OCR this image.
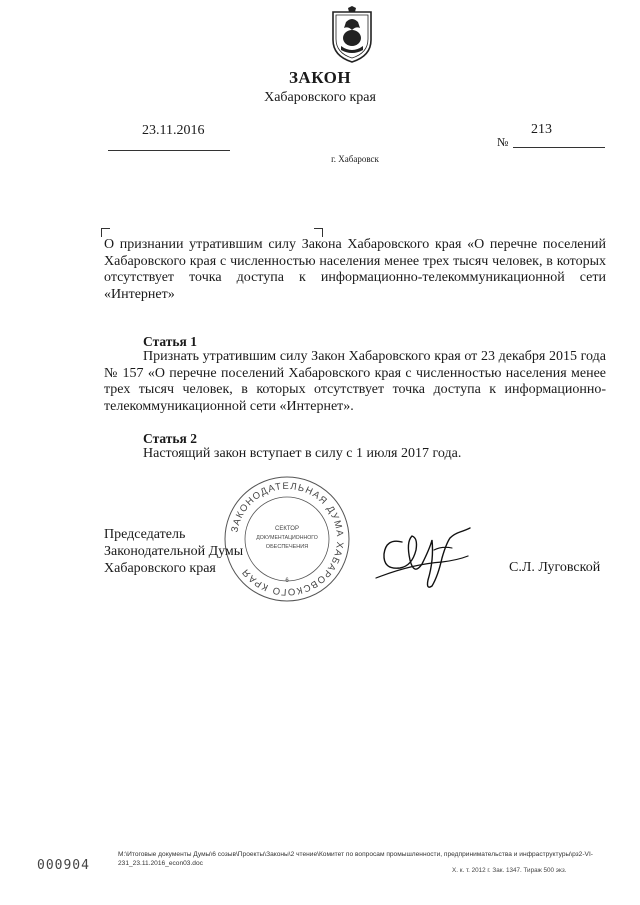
ЗАКОН
Хабаровского края
23.11.2016	213
№
г. Хабаровск
О признании утратившим силу Закона Хабаровского края «О перечне поселений Хабаровского края с численностью населения менее трех тысяч человек, в которых отсутствует точка доступа к информационно-телекоммуникационной сети «Интернет»
Статья 1
Признать утратившим силу Закон Хабаровского края от 23 декабря 2015 года № 157 «О перечне поселений Хабаровского края с численностью населения менее трех тысяч человек, в которых отсутствует точка доступа к информационно-телекоммуникационной сети «Интернет».
Статья 2
Настоящий закон вступает в силу с 1 июля 2017 года.
ЗАКОНОДАТЕЛЬНАЯ ДУМА ХАБАРОВСКОГО КРАЯ
СЕКТОР
ДОКУМЕНТАЦИОННОГО
ОБЕСПЕЧЕНИЯ
6
Председатель
Законодательной Думы
Хабаровского края	С.Л. Луговской
000904
M:\Итоговые документы Думы\6 созыв\Проекты\Законы\2 чтение\Комитет по вопросам промышленности, предпринимательства и инфраструктуры\рз2-VI-231_23.11.2016_econ03.doc
Х. к. т. 2012 г. Зак. 1347. Тираж 500 экз.
